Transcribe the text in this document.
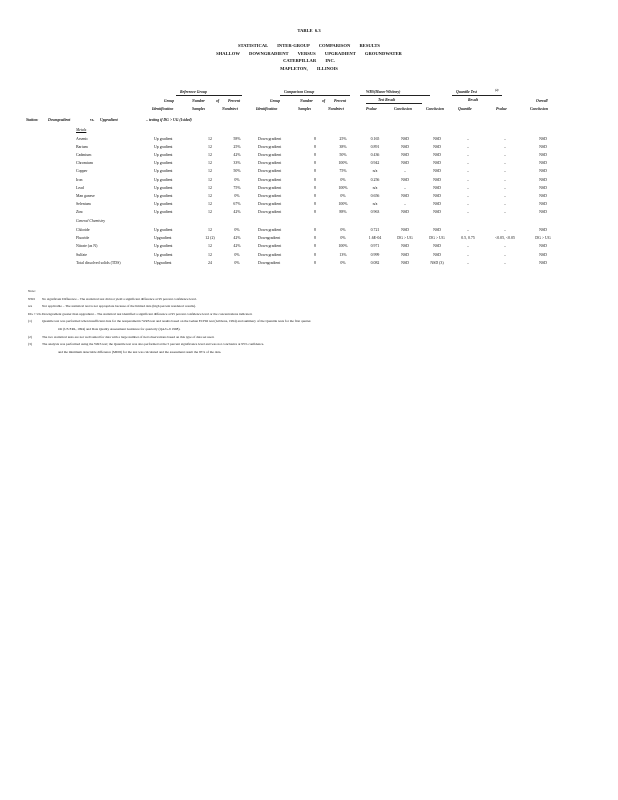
TABLE  6.3
STATISTICAL        INTER-GROUP        COMPARISON        RESULTS
SHALLOW        DOWNGRADIENT        VERSUS        UPGRADIENT        GROUNDWATER
CATERPILLAR        INC.
MAPLETON,        ILLINOIS
Reference Group	Comparison Group	WRS(Mann-Whitney)	Quantile Test	(4)
Group	Number	of Percent	Group	Number of Percent	Test Result	Result	Overall
Identification	Samples	Nondetect	Identification	Samples	Nondetect	Pvalue	Conclusion	Conclusion	Quantile	Pvalue	Conclusion
Station:	Downgradient	vs. Upgradient	– testing if DG > UG (1sided)
Metals
Arsenic	Up gradient	12	58%	Down gradient	8	25%	0.165	NSD	NSD	–	–	NSD
Barium	Up gradient	12	25%	Down gradient	8	38%	0.891	NSD	NSD	–	–	NSD
Cadmium	Up gradient	12	42%	Down gradient	8	50%	0.436	NSD	NSD	–	–	NSD
Chromium	Up gradient	12	33%	Down gradient	8	100%	0.942	NSD	NSD	–	–	NSD
Copper	Up gradient	12	50%	Down gradient	8	75%	n/a	–	NSD	–	–	NSD
Iron	Up gradient	12	0%	Down gradient	8	0%	0.256	NSD	NSD	–	–	NSD
Lead	Up gradient	12	75%	Down gradient	8	100%	n/a	–	NSD	–	–	NSD
Man ganese	Up gradient	12	0%	Down gradient	8	0%	0.656	NSD	NSD	–	–	NSD
Selenium	Up gradient	12	67%	Down gradient	8	100%	n/a	–	NSD	–	–	NSD
Zinc	Up gradient	12	42%	Down gradient	8	88%	0.963	NSD	NSD	–	–	NSD
General Chemistry
Chloride	Up gradient	12	0%	Down gradient	8	0%	0.721	NSD	NSD	–	–	NSD
Fluoride	Upgradient	12 (2)	42%	Downgradient	8	0%	1.6E-04	DG > UG	DG > UG	0.5, 0.75	<0.05, <0.05	DG > UG
Nitrate (as N)	Up gradient	12	42%	Down gradient	8	100%	0.971	NSD	NSD	–	–	NSD
Sulfate	Up gradient	12	0%	Down gradient	8	13%	0.999	NSD	NSD	–	–	NSD
Total dissolved solids (TDS)	Upgradient	24	0%	Downgradient	8	0%	0.082	NSD	NSD (3)	–	–	NSD
Note:
NSD No significant Difference – The statistical test did not yield a significant difference at 95 percent confidence level.
n/a	Not applicable – The statistical test is not appropriate because of the limited data (high percent nondetect results).
DG > UGDowngradient greater than upgradient – The statistical test identified a significant difference at 95 percent confidence level or the concentrations indicated.
(1)	Quantile test was performed when insufficient data for the nonparametric WRS test and results based on the Gehan ECHO test (Gibbons, 1994) and summary of the Quantile tests for the first quarter.
Ott (US EPA, 1994) and Data Quality Assessment Guidance for quarterly (QA/G-9 1998).
(2)	The two statistical tests are not well suited for data with a large number of tied observations based on this type of data set used.
(3)	The analysis was performed using the WRS test; the Quantile test was also performed at the 5 percent significance level and was not conclusive at 95% confidence.
and the minimum detectable difference (MDD) for the test was calculated and the assessment result the 95% of the data.
